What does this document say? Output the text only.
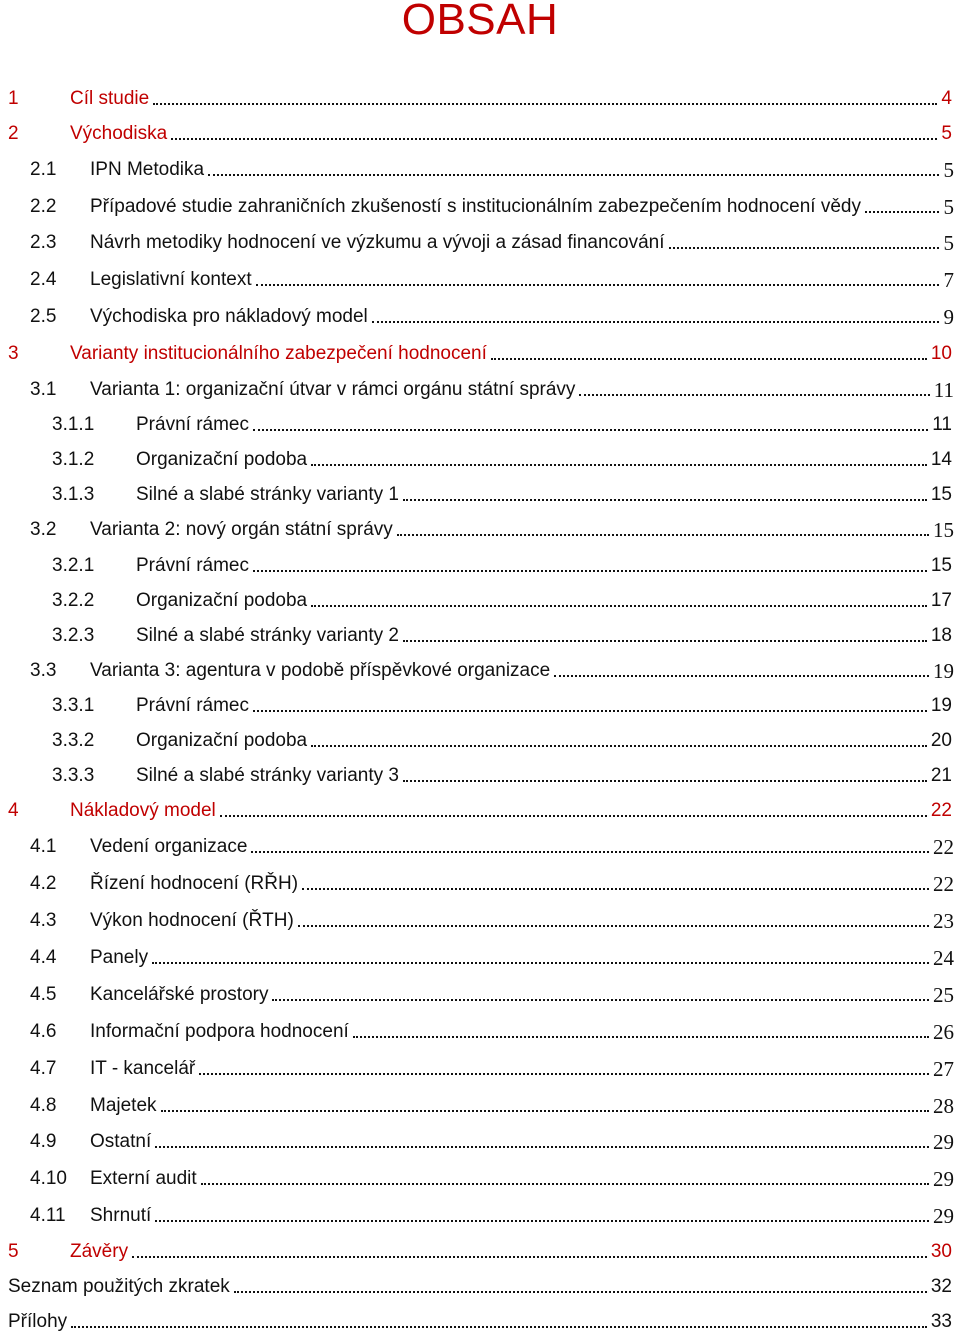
OBSAH
1	Cíl studie	4
2	Východiska	5
2.1 IPN Metodika	5
2.2 Případové studie zahraničních zkušeností s institucionálním zabezpečením hodnocení vědy	5
2.3 Návrh metodiky hodnocení ve výzkumu a vývoji a zásad financování	5
2.4 Legislativní kontext	7
2.5 Východiska pro nákladový model	9
3	Varianty institucionálního zabezpečení hodnocení	10
3.1 Varianta 1: organizační útvar v rámci orgánu státní správy	11
3.1.1 Právní rámec	11
3.1.2 Organizační podoba	14
3.1.3 Silné a slabé stránky varianty 1	15
3.2 Varianta 2: nový orgán státní správy	15
3.2.1 Právní rámec	15
3.2.2 Organizační podoba	17
3.2.3 Silné a slabé stránky varianty 2	18
3.3 Varianta 3: agentura v podobě příspěvkové organizace	19
3.3.1 Právní rámec	19
3.3.2 Organizační podoba	20
3.3.3 Silné a slabé stránky varianty 3	21
4	Nákladový model	22
4.1 Vedení organizace	22
4.2 Řízení hodnocení (RŘH)	22
4.3 Výkon hodnocení (ŘTH)	23
4.4 Panely	24
4.5 Kancelářské prostory	25
4.6 Informační podpora hodnocení	26
4.7 IT - kancelář	27
4.8 Majetek	28
4.9 Ostatní	29
4.10 Externí audit	29
4.11 Shrnutí	29
5	Závěry	30
Seznam použitých zkratek	32
Přílohy	33
